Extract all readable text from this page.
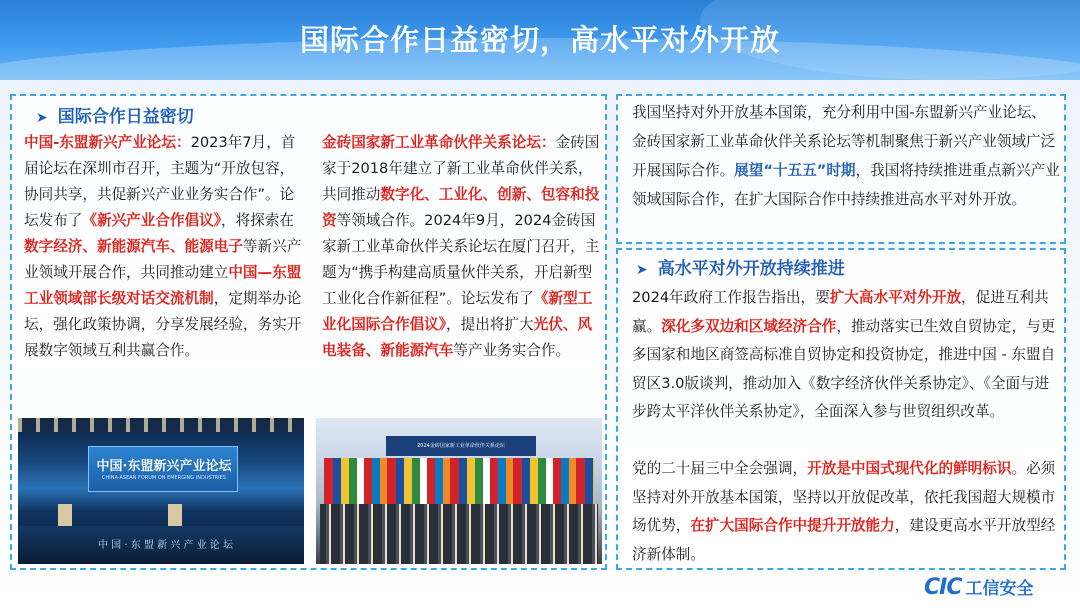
国际合作日益密切，高水平对外开放
➤ 国际合作日益密切
中国-东盟新兴产业论坛：2023年7月，首届论坛在深圳市召开，主题为“开放包容，协同共享，共促新兴产业业务实合作”。论坛发布了《新兴产业合作倡议》，将探索在数字经济、新能源汽车、能源电子等新兴产业领域开展合作，共同推动建立中国—东盟工业领域部长级对话交流机制，定期举办论坛，强化政策协调，分享发展经验，务实开展数字领域互利共赢合作。
金砖国家新工业革命伙伴关系论坛：金砖国家于2018年建立了新工业革命伙伴关系，共同推动数字化、工业化、创新、包容和投资等领域合作。2024年9月，2024金砖国家新工业革命伙伴关系论坛在厦门召开，主题为“携手构建高质量伙伴关系，开启新型工业化合作新征程”。论坛发布了《新型工业化国际合作倡议》，提出将扩大光伏、风电装备、新能源汽车等产业务实合作。
中国·东盟新兴产业论坛
CHINA-ASEAN FORUM ON EMERGING INDUSTRIES
中 国 · 东 盟 新 兴 产 业 论 坛
2024金砖国家新工业革命伙伴关系论坛
我国坚持对外开放基本国策，充分利用中国-东盟新兴产业论坛、金砖国家新工业革命伙伴关系论坛等机制聚焦于新兴产业领域广泛开展国际合作。展望“十五五”时期，我国将持续推进重点新兴产业领域国际合作，在扩大国际合作中持续推进高水平对外开放。
➤ 高水平对外开放持续推进
2024年政府工作报告指出，要扩大高水平对外开放，促进互利共赢。深化多双边和区域经济合作，推动落实已生效自贸协定，与更多国家和地区商签高标准自贸协定和投资协定，推进中国 - 东盟自贸区3.0版谈判，推动加入《数字经济伙伴关系协定》、《全面与进步跨太平洋伙伴关系协定》，全面深入参与世贸组织改革。
党的二十届三中全会强调，开放是中国式现代化的鲜明标识。必须坚持对外开放基本国策，坚持以开放促改革，依托我国超大规模市场优势，在扩大国际合作中提升开放能力，建设更高水平开放型经济新体制。
CIC 工信安全
